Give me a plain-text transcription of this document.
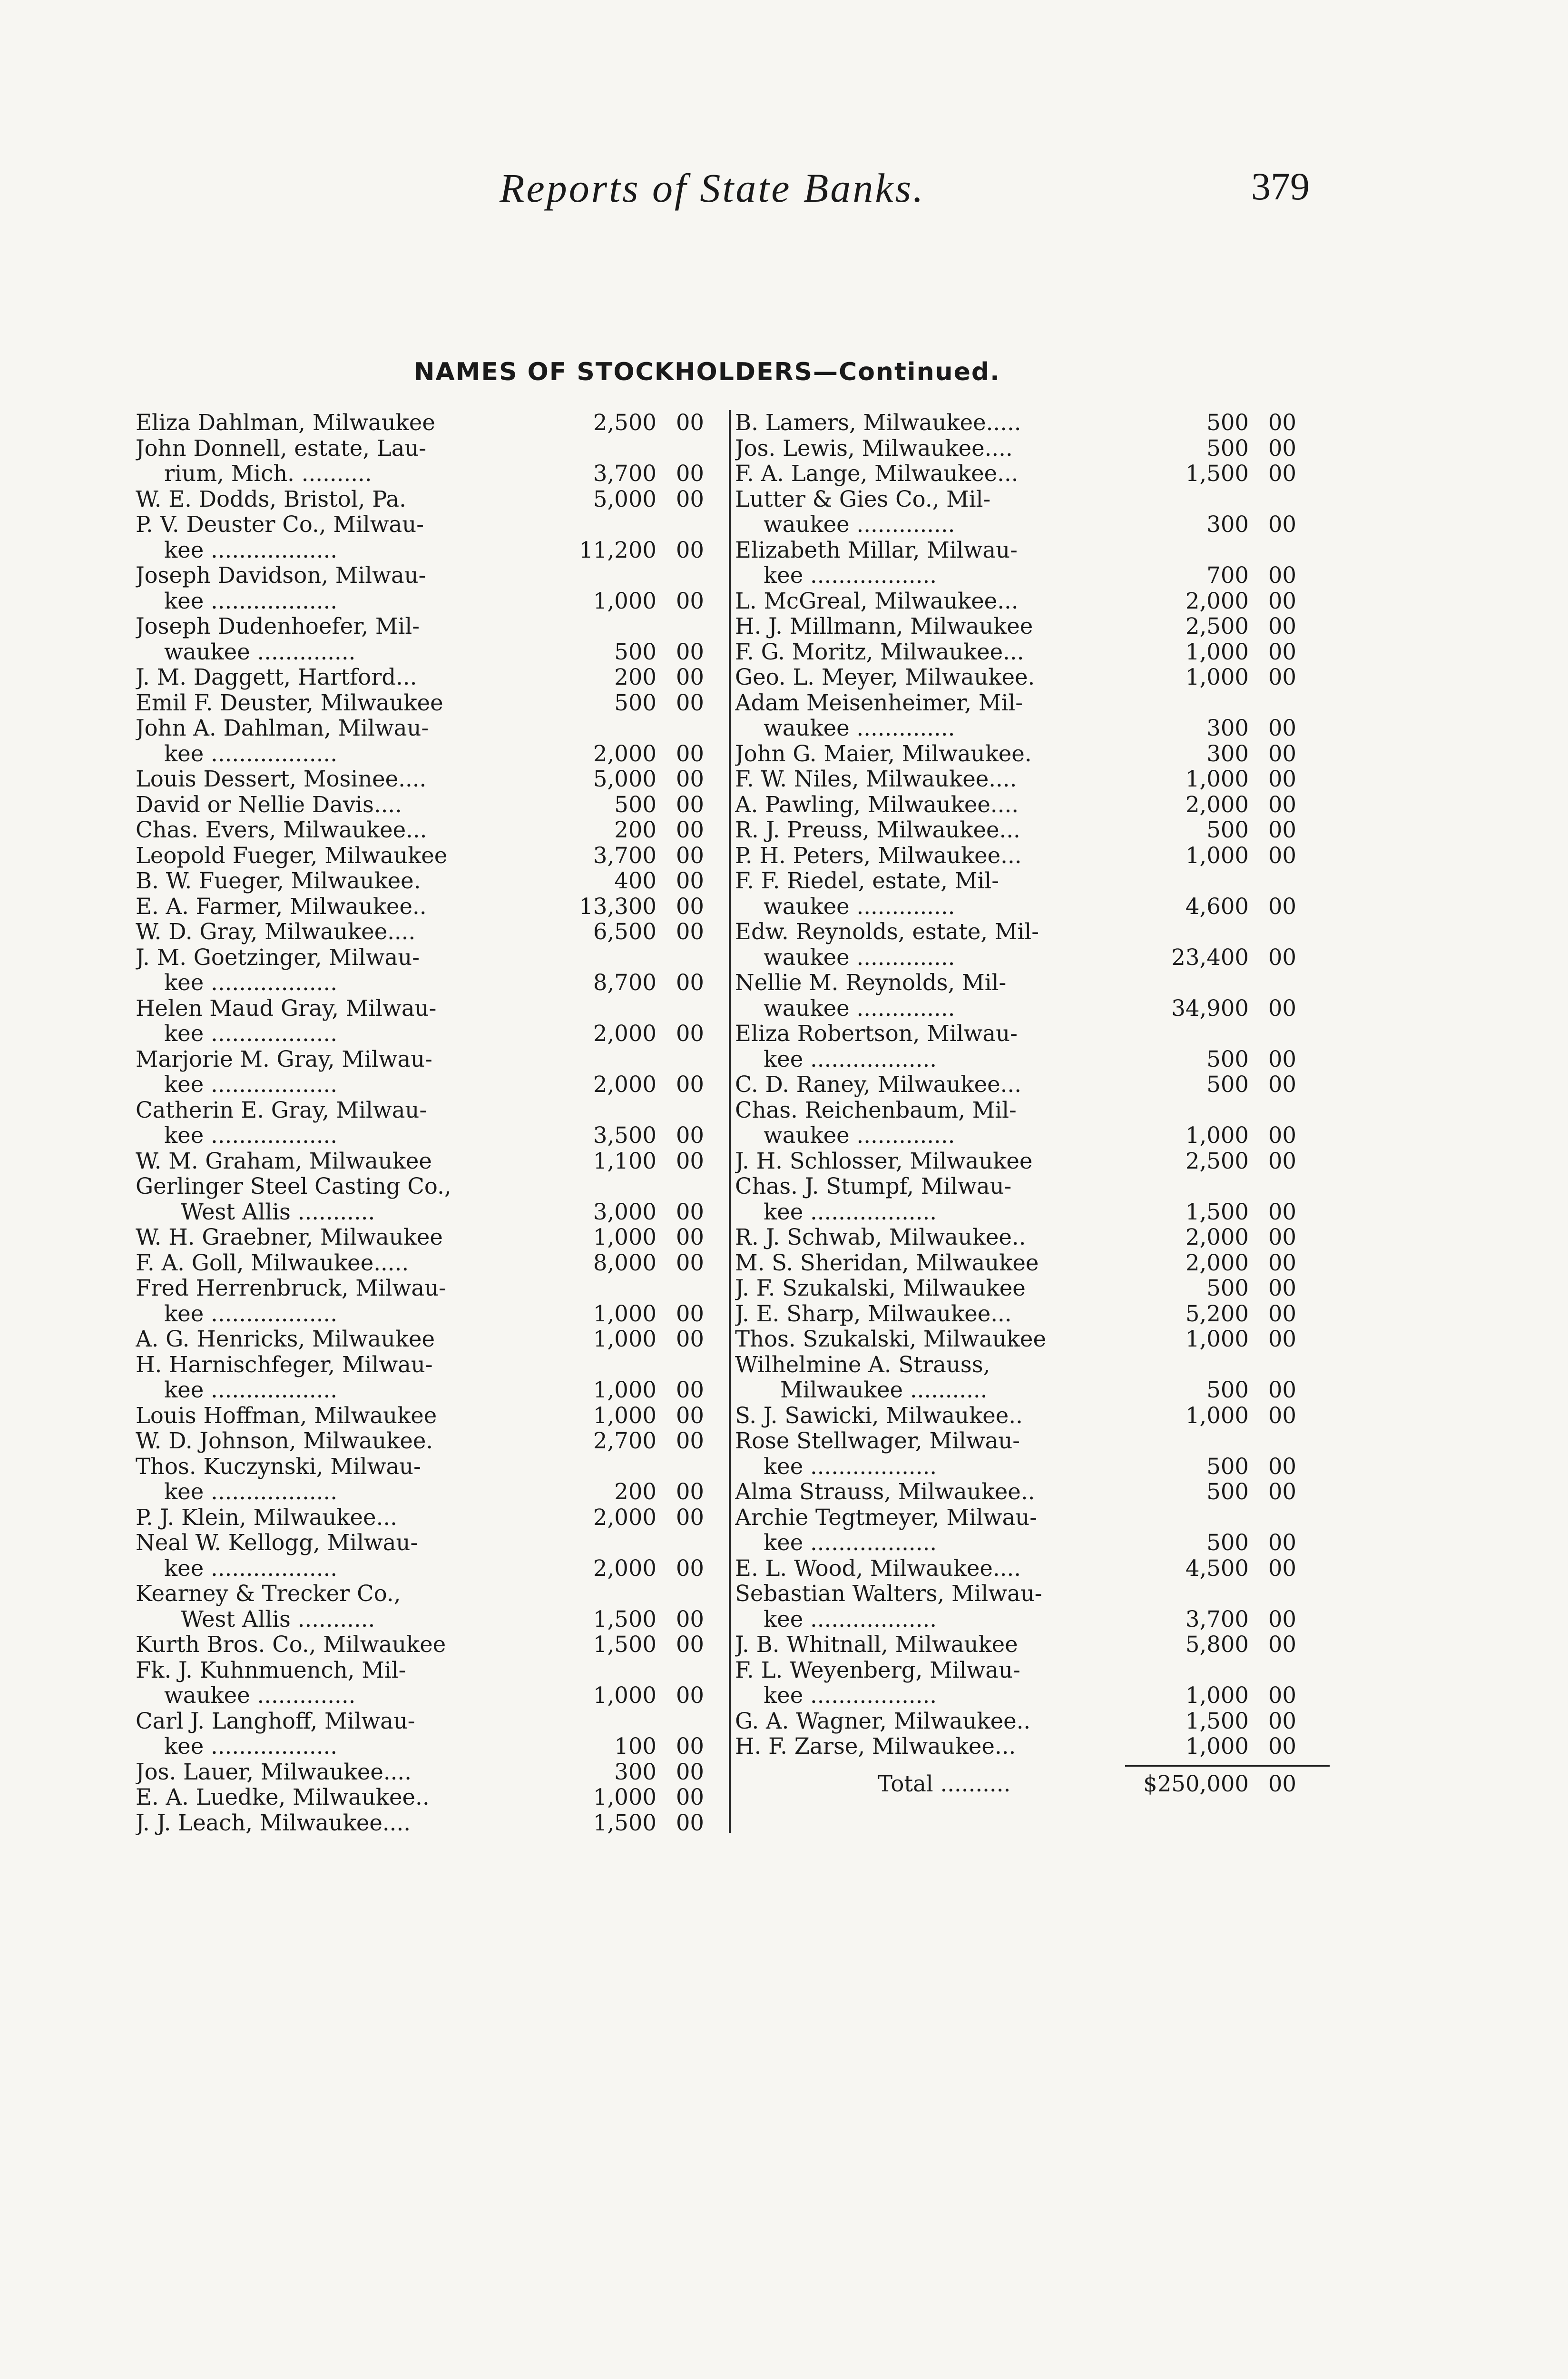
Reports of State Banks.	379
NAMES OF STOCKHOLDERS—Continued.
Eliza Dahlman, Milwaukee	2,500 00
John Donnell, estate, Lau-
rium, Mich. ..........	3,700 00
W. E. Dodds, Bristol, Pa.	5,000 00
P. V. Deuster Co., Milwau-
kee ..................	11,200 00
Joseph Davidson, Milwau-
kee ..................	1,000 00
Joseph Dudenhoefer, Mil-
waukee ..............	500 00
J. M. Daggett, Hartford...	200 00
Emil F. Deuster, Milwaukee	500 00
John A. Dahlman, Milwau-
kee ..................	2,000 00
Louis Dessert, Mosinee....	5,000 00
David or Nellie Davis....	500 00
Chas. Evers, Milwaukee...	200 00
Leopold Fueger, Milwaukee	3,700 00
B. W. Fueger, Milwaukee.	400 00
E. A. Farmer, Milwaukee..	13,300 00
W. D. Gray, Milwaukee....	6,500 00
J. M. Goetzinger, Milwau-
kee ..................	8,700 00
Helen Maud Gray, Milwau-
kee ..................	2,000 00
Marjorie M. Gray, Milwau-
kee ..................	2,000 00
Catherin E. Gray, Milwau-
kee ..................	3,500 00
W. M. Graham, Milwaukee	1,100 00
Gerlinger Steel Casting Co.,
West Allis ...........	3,000 00
W. H. Graebner, Milwaukee	1,000 00
F. A. Goll, Milwaukee.....	8,000 00
Fred Herrenbruck, Milwau-
kee ..................	1,000 00
A. G. Henricks, Milwaukee	1,000 00
H. Harnischfeger, Milwau-
kee ..................	1,000 00
Louis Hoffman, Milwaukee	1,000 00
W. D. Johnson, Milwaukee.	2,700 00
Thos. Kuczynski, Milwau-
kee ..................	200 00
P. J. Klein, Milwaukee...	2,000 00
Neal W. Kellogg, Milwau-
kee ..................	2,000 00
Kearney & Trecker Co.,
West Allis ...........	1,500 00
Kurth Bros. Co., Milwaukee	1,500 00
Fk. J. Kuhnmuench, Mil-
waukee ..............	1,000 00
Carl J. Langhoff, Milwau-
kee ..................	100 00
Jos. Lauer, Milwaukee....	300 00
E. A. Luedke, Milwaukee..	1,000 00
J. J. Leach, Milwaukee....	1,500 00
B. Lamers, Milwaukee.....	500 00
Jos. Lewis, Milwaukee....	500 00
F. A. Lange, Milwaukee...	1,500 00
Lutter & Gies Co., Mil-
waukee ..............	300 00
Elizabeth Millar, Milwau-
kee ..................	700 00
L. McGreal, Milwaukee...	2,000 00
H. J. Millmann, Milwaukee	2,500 00
F. G. Moritz, Milwaukee...	1,000 00
Geo. L. Meyer, Milwaukee.	1,000 00
Adam Meisenheimer, Mil-
waukee ..............	300 00
John G. Maier, Milwaukee.	300 00
F. W. Niles, Milwaukee....	1,000 00
A. Pawling, Milwaukee....	2,000 00
R. J. Preuss, Milwaukee...	500 00
P. H. Peters, Milwaukee...	1,000 00
F. F. Riedel, estate, Mil-
waukee ..............	4,600 00
Edw. Reynolds, estate, Mil-
waukee ..............	23,400 00
Nellie M. Reynolds, Mil-
waukee ..............	34,900 00
Eliza Robertson, Milwau-
kee ..................	500 00
C. D. Raney, Milwaukee...	500 00
Chas. Reichenbaum, Mil-
waukee ..............	1,000 00
J. H. Schlosser, Milwaukee	2,500 00
Chas. J. Stumpf, Milwau-
kee ..................	1,500 00
R. J. Schwab, Milwaukee..	2,000 00
M. S. Sheridan, Milwaukee	2,000 00
J. F. Szukalski, Milwaukee	500 00
J. E. Sharp, Milwaukee...	5,200 00
Thos. Szukalski, Milwaukee	1,000 00
Wilhelmine A. Strauss,
Milwaukee ...........	500 00
S. J. Sawicki, Milwaukee..	1,000 00
Rose Stellwager, Milwau-
kee ..................	500 00
Alma Strauss, Milwaukee..	500 00
Archie Tegtmeyer, Milwau-
kee ..................	500 00
E. L. Wood, Milwaukee....	4,500 00
Sebastian Walters, Milwau-
kee ..................	3,700 00
J. B. Whitnall, Milwaukee	5,800 00
F. L. Weyenberg, Milwau-
kee ..................	1,000 00
G. A. Wagner, Milwaukee..	1,500 00
H. F. Zarse, Milwaukee...	1,000 00
Total ..........	$250,000 00
